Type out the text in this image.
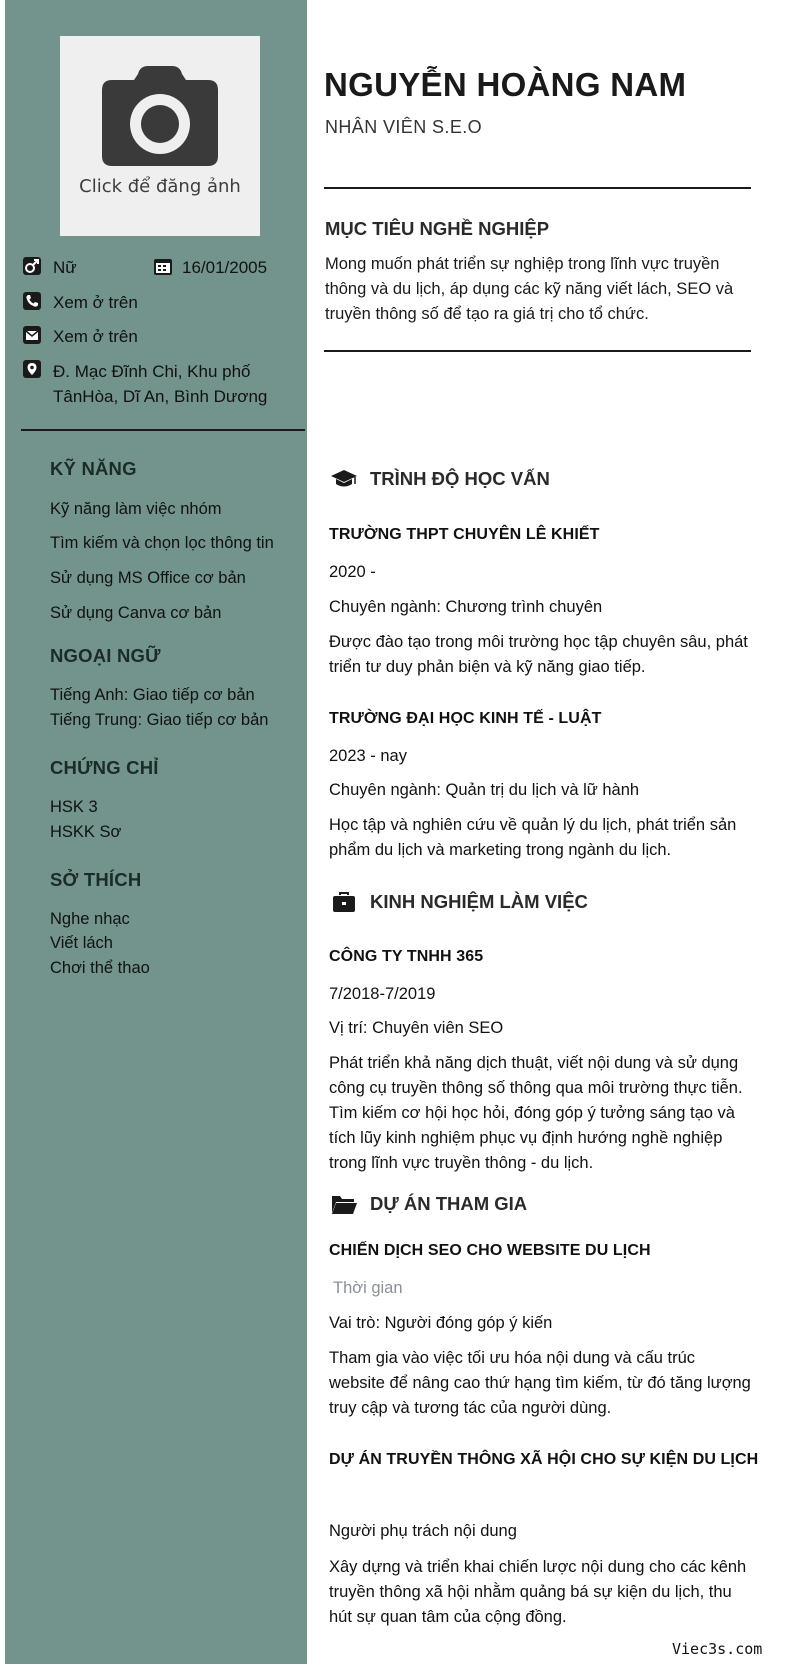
Click để đăng ảnh
Nữ	16/01/2005
Xem ở trên
Xem ở trên
Đ. Mạc Đĩnh Chi, Khu phố
TânHòa, Dĩ An, Bình Dương
KỸ NĂNG
Kỹ năng làm việc nhóm
Tìm kiếm và chọn lọc thông tin
Sử dụng MS Office cơ bản
Sử dụng Canva cơ bản
NGOẠI NGỮ
Tiếng Anh: Giao tiếp cơ bản
Tiếng Trung: Giao tiếp cơ bản
CHỨNG CHỈ
HSK 3
HSKK Sơ
SỞ THÍCH
Nghe nhạc
Viết lách
Chơi thể thao
NGUYỄN HOÀNG NAM
NHÂN VIÊN S.E.O
MỤC TIÊU NGHỀ NGHIỆP
Mong muốn phát triển sự nghiệp trong lĩnh vực truyền
thông và du lịch, áp dụng các kỹ năng viết lách, SEO và
truyền thông số để tạo ra giá trị cho tổ chức.
TRÌNH ĐỘ HỌC VẤN
TRƯỜNG THPT CHUYÊN LÊ KHIẾT
2020 -
Chuyên ngành: Chương trình chuyên
Được đào tạo trong môi trường học tập chuyên sâu, phát
triển tư duy phản biện và kỹ năng giao tiếp.
TRƯỜNG ĐẠI HỌC KINH TẾ - LUẬT
2023 - nay
Chuyên ngành: Quản trị du lịch và lữ hành
Học tập và nghiên cứu về quản lý du lịch, phát triển sản
phẩm du lịch và marketing trong ngành du lịch.
KINH NGHIỆM LÀM VIỆC
CÔNG TY TNHH 365
7/2018-7/2019
Vị trí: Chuyên viên SEO
Phát triển khả năng dịch thuật, viết nội dung và sử dụng
công cụ truyền thông số thông qua môi trường thực tiễn.
Tìm kiếm cơ hội học hỏi, đóng góp ý tưởng sáng tạo và
tích lũy kinh nghiệm phục vụ định hướng nghề nghiệp
trong lĩnh vực truyền thông - du lịch.
DỰ ÁN THAM GIA
CHIẾN DỊCH SEO CHO WEBSITE DU LỊCH
Thời gian
Vai trò: Người đóng góp ý kiến
Tham gia vào việc tối ưu hóa nội dung và cấu trúc
website để nâng cao thứ hạng tìm kiếm, từ đó tăng lượng
truy cập và tương tác của người dùng.
DỰ ÁN TRUYỀN THÔNG XÃ HỘI CHO SỰ KIỆN DU LỊCH
Người phụ trách nội dung
Xây dựng và triển khai chiến lược nội dung cho các kênh
truyền thông xã hội nhằm quảng bá sự kiện du lịch, thu
hút sự quan tâm của cộng đồng.
Viec3s.com
